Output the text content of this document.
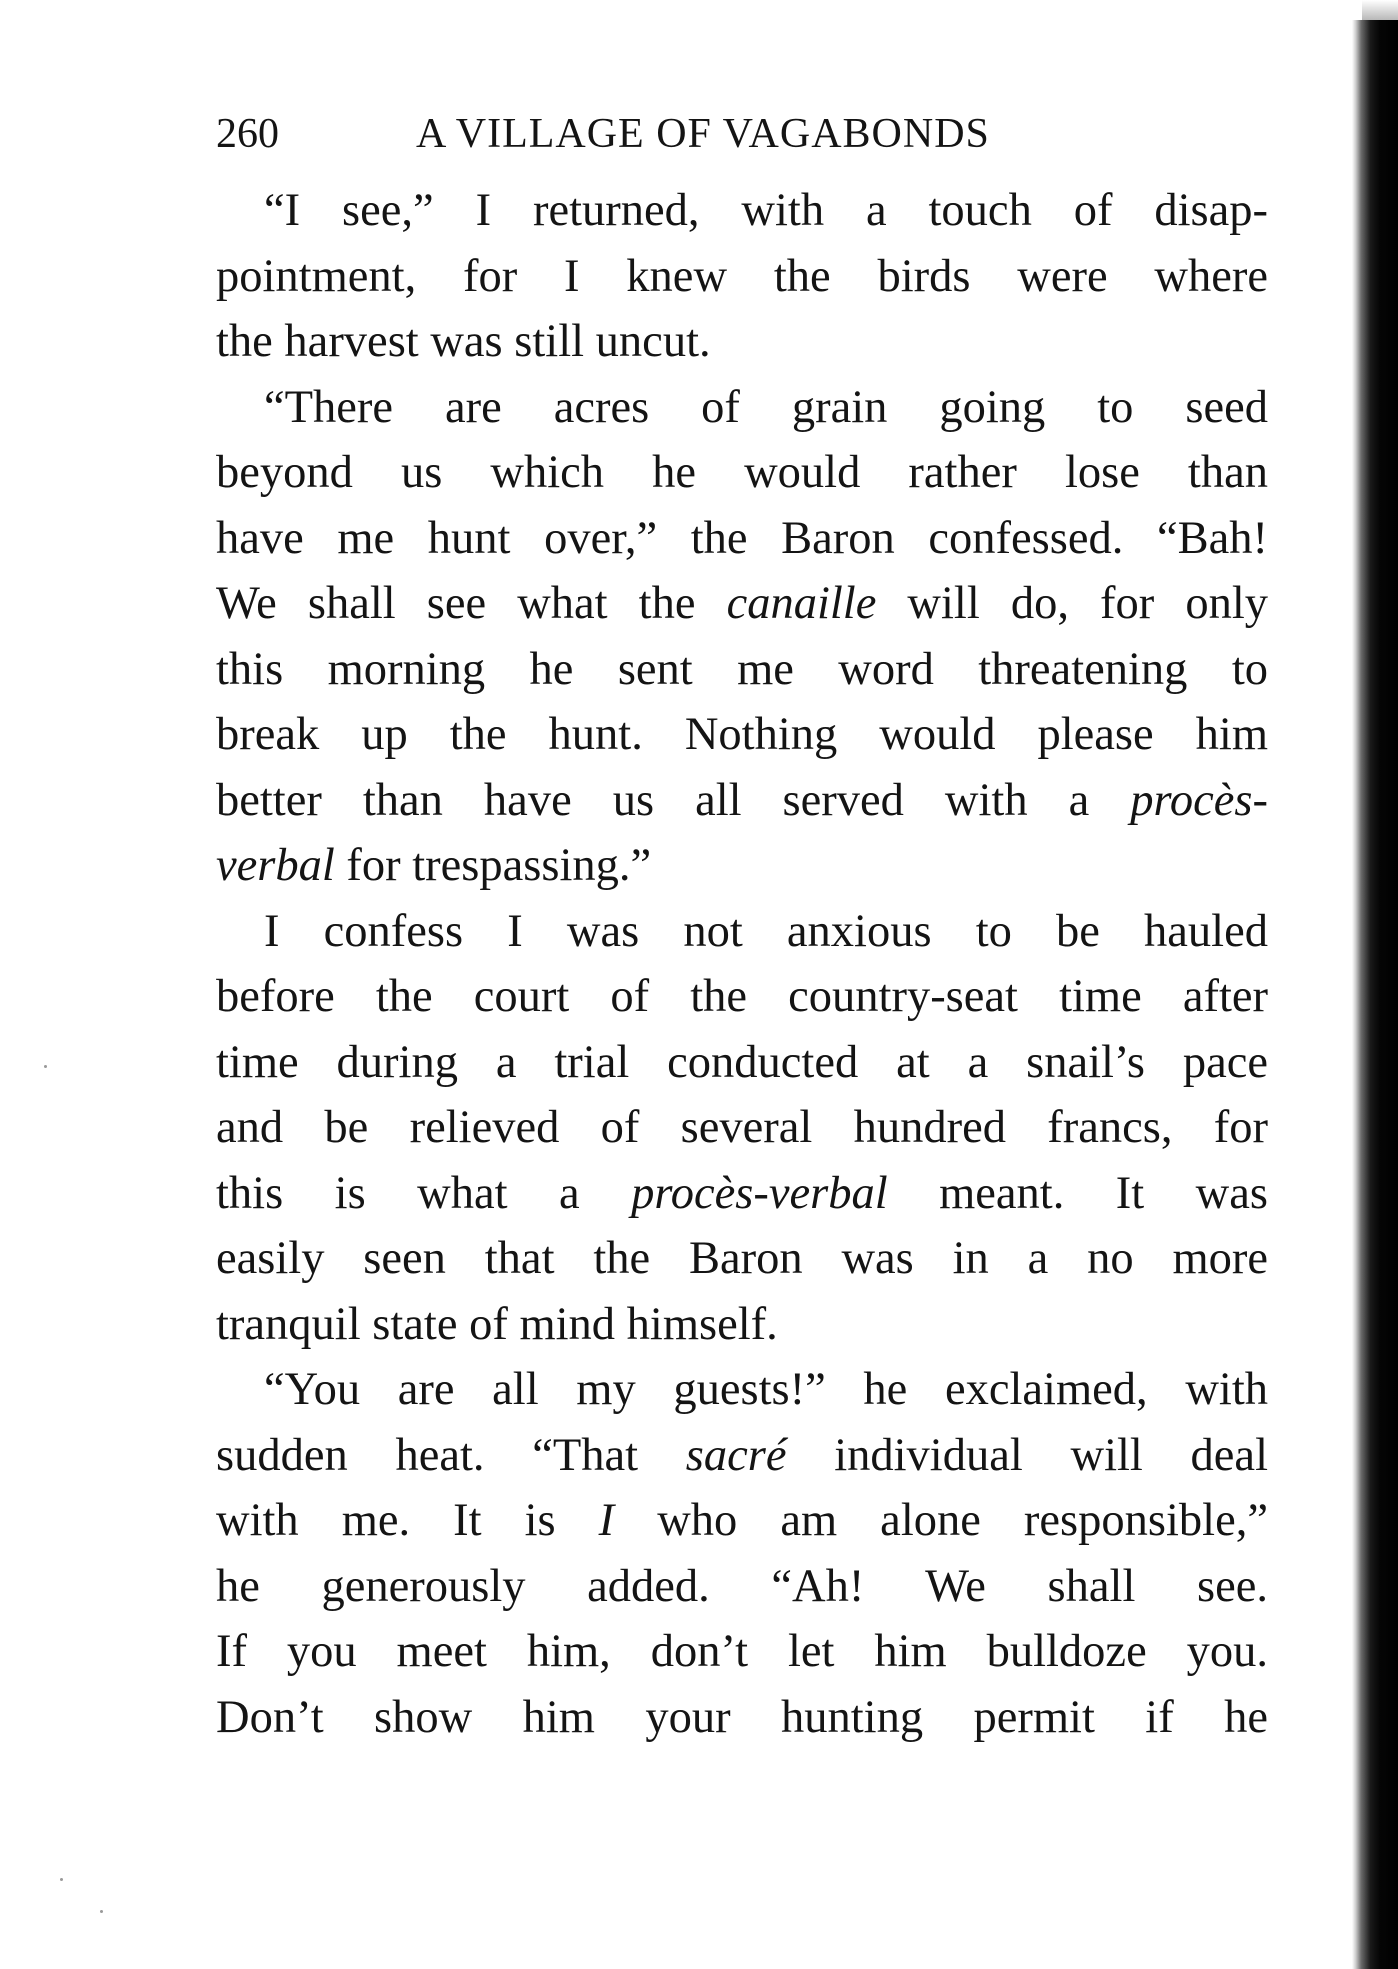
260	A VILLAGE OF VAGABONDS
“I see,” I returned, with a touch of disap-
pointment, for I knew the birds were where
the harvest was still uncut.
“There are acres of grain going to seed
beyond us which he would rather lose than
have me hunt over,” the Baron confessed. “Bah!
We shall see what the canaille will do, for only
this morning he sent me word threatening to
break up the hunt. Nothing would please him
better than have us all served with a procès-
verbal for trespassing.”
I confess I was not anxious to be hauled
before the court of the country-seat time after
time during a trial conducted at a snail’s pace
and be relieved of several hundred francs, for
this is what a procès-verbal meant. It was
easily seen that the Baron was in a no more
tranquil state of mind himself.
“You are all my guests!” he exclaimed, with
sudden heat. “That sacré individual will deal
with me. It is I who am alone responsible,”
he generously added. “Ah! We shall see.
If you meet him, don’t let him bulldoze you.
Don’t show him your hunting permit if he
